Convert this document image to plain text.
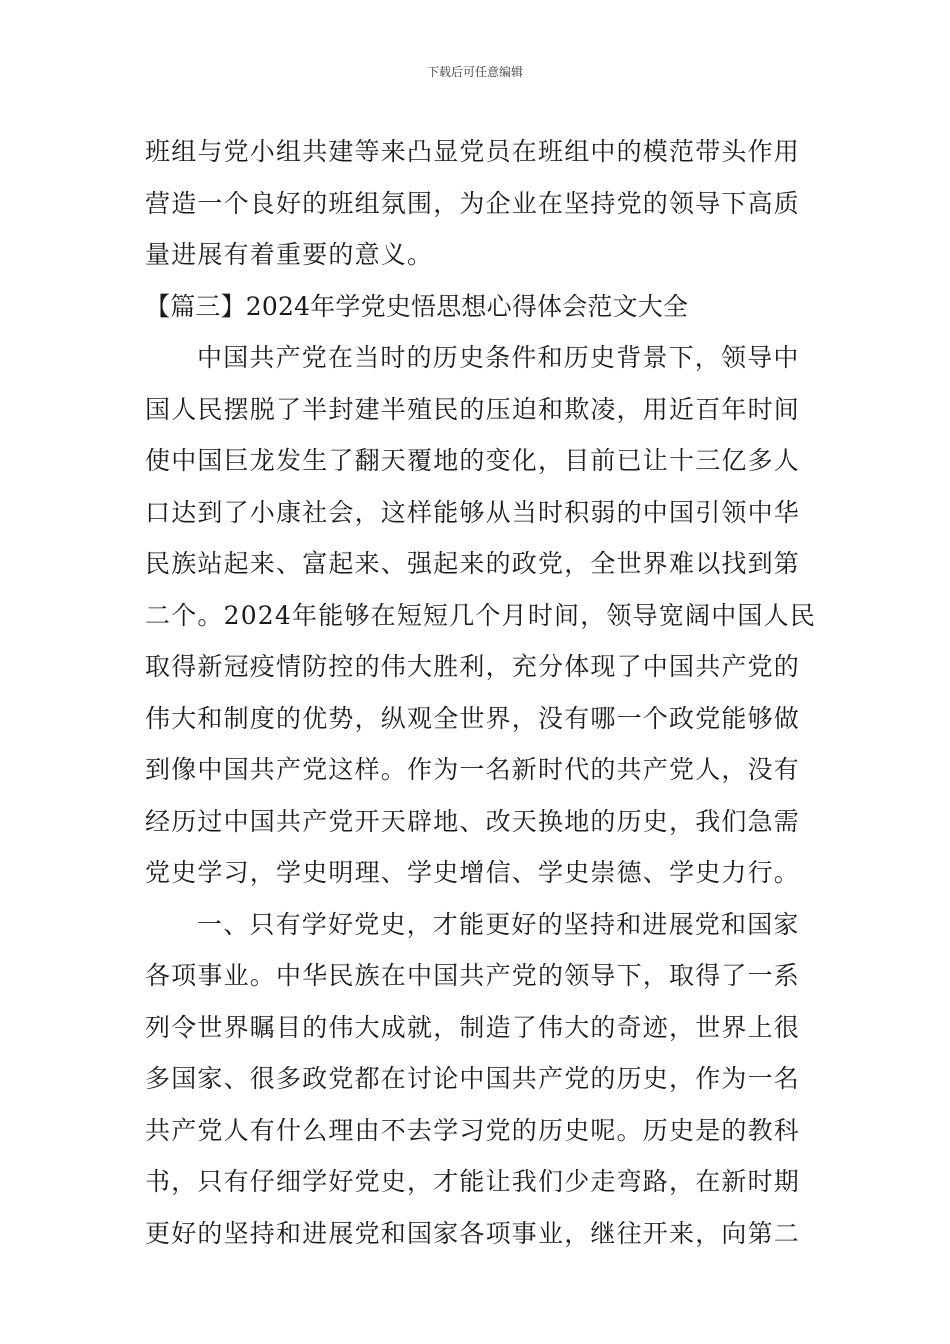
下载后可任意编辑
班组与党小组共建等来凸显党员在班组中的模范带头作用
营造一个良好的班组氛围，为企业在坚持党的领导下高质
量进展有着重要的意义。
【篇三】2024年学党史悟思想心得体会范文大全
中国共产党在当时的历史条件和历史背景下，领导中
国人民摆脱了半封建半殖民的压迫和欺凌，用近百年时间
使中国巨龙发生了翻天覆地的变化，目前已让十三亿多人
口达到了小康社会，这样能够从当时积弱的中国引领中华
民族站起来、富起来、强起来的政党，全世界难以找到第
二个。2024年能够在短短几个月时间，领导宽阔中国人民
取得新冠疫情防控的伟大胜利，充分体现了中国共产党的
伟大和制度的优势，纵观全世界，没有哪一个政党能够做
到像中国共产党这样。作为一名新时代的共产党人，没有
经历过中国共产党开天辟地、改天换地的历史，我们急需
党史学习，学史明理、学史增信、学史崇德、学史力行。
一、只有学好党史，才能更好的坚持和进展党和国家
各项事业。中华民族在中国共产党的领导下，取得了一系
列令世界瞩目的伟大成就，制造了伟大的奇迹，世界上很
多国家、很多政党都在讨论中国共产党的历史，作为一名
共产党人有什么理由不去学习党的历史呢。历史是的教科
书，只有仔细学好党史，才能让我们少走弯路，在新时期
更好的坚持和进展党和国家各项事业，继往开来，向第二
